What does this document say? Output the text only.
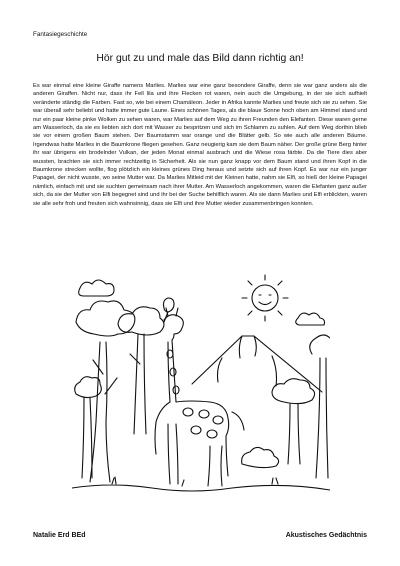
Fantasiegeschichte
Hör gut zu und male das Bild dann richtig an!

Es war einmal eine kleine Giraffe namens Marlies. Marlies war eine ganz besondere Giraffe, denn sie war ganz anders als die anderen Giraffen. Nicht nur, dass ihr Fell lila und ihre Flecken rot waren, nein auch die Umgebung, in der sie sich aufhielt veränderte ständig die Farben. Fast so, wie bei einem Chamäleon. Jeder in Afrika kannte Marlies und freute sich sie zu sehen. Sie war überall sehr beliebt und hatte immer gute Laune. Eines schönen Tages, als die blaue Sonne hoch oben am Himmel stand und nur ein paar kleine pinke Wolken zu sehen waren, war Marlies auf dem Weg zu ihren Freunden den Elefanten. Diese waren gerne am Wasserloch, da sie es liebten sich dort mit Wasser zu bespritzen und sich im Schlamm zu suhlen. Auf dem Weg dorthin blieb sie vor einem großen Baum stehen. Der Baumstamm war orange und die Blätter gelb. So wie auch alle anderen Bäume. Irgendwas hatte Marlies in die Baumkrone fliegen gesehen. Ganz neugierig kam sie dem Baum näher. Der große grüne Berg hinter ihr war übrigens ein brodelnder Vulkan, der jeden Monat einmal ausbrach und die Wiese rosa färbte. Da die Tiere dies aber wussten, brachten sie sich immer rechtzeitig in Sicherheit. Als sie nun ganz knapp vor dem Baum stand und ihren Kopf in die Baumkrone strecken wollte, flog plötzlich ein kleines grünes Ding heraus und setzte sich auf ihren Kopf. Es war nur ein junger Papagei, der nicht wusste, wo seine Mutter war. Da Marlies Mitleid mit der Kleinen hatte, nahm sie Elfi, so hieß der kleine Papagei nämlich, einfach mit und sie suchten gemeinsam nach ihrer Mutter. Am Wasserloch angekommen, waren die Elefanten ganz außer sich, da sie der Mutter von Elfi begegnet sind und ihr bei der Suche behilflich waren. Als sie dann Marlies und Elfi erblickten, waren sie alle sehr froh und freuten sich wahnsinnig, dass sie Elfi und ihre Mutter wieder zusammenbringen konnten.

Natalie Erd BEd	Akustisches Gedächtnis
